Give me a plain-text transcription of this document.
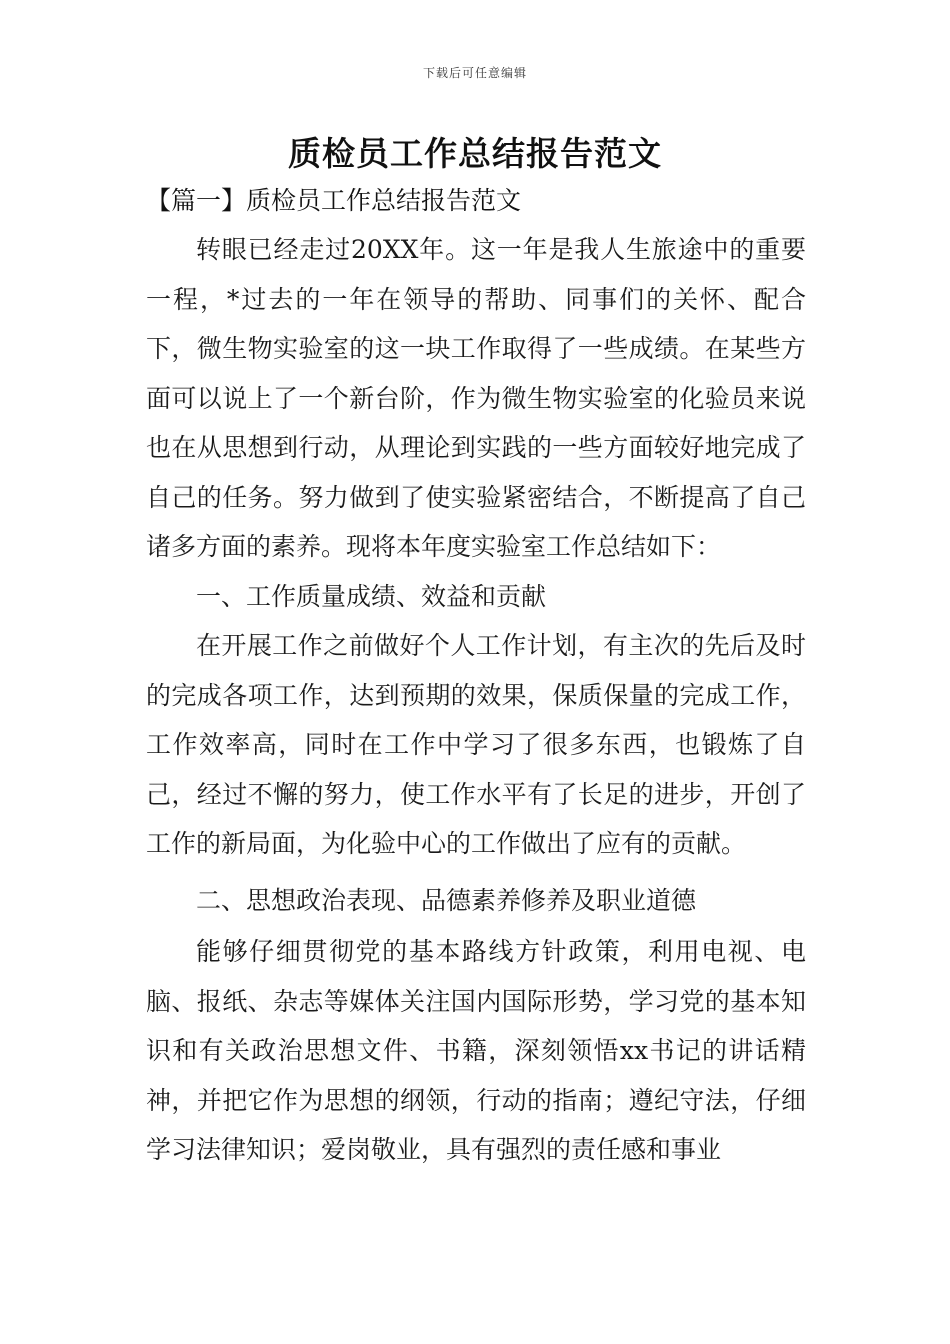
下载后可任意编辑
质检员工作总结报告范文
【篇一】质检员工作总结报告范文

转眼已经走过20XX年。这一年是我人生旅途中的重要一程，*过去的一年在领导的帮助、同事们的关怀、配合下，微生物实验室的这一块工作取得了一些成绩。在某些方面可以说上了一个新台阶，作为微生物实验室的化验员来说也在从思想到行动，从理论到实践的一些方面较好地完成了自己的任务。努力做到了使实验紧密结合，不断提高了自己诸多方面的素养。现将本年度实验室工作总结如下：

一、工作质量成绩、效益和贡献

在开展工作之前做好个人工作计划，有主次的先后及时的完成各项工作，达到预期的效果，保质保量的完成工作，工作效率高，同时在工作中学习了很多东西，也锻炼了自己，经过不懈的努力，使工作水平有了长足的进步，开创了工作的新局面，为化验中心的工作做出了应有的贡献。

二、思想政治表现、品德素养修养及职业道德

能够仔细贯彻党的基本路线方针政策，利用电视、电脑、报纸、杂志等媒体关注国内国际形势，学习党的基本知识和有关政治思想文件、书籍，深刻领悟xx书记的讲话精神，并把它作为思想的纲领，行动的指南；遵纪守法，仔细学习法律知识；爱岗敬业，具有强烈的责任感和事业
